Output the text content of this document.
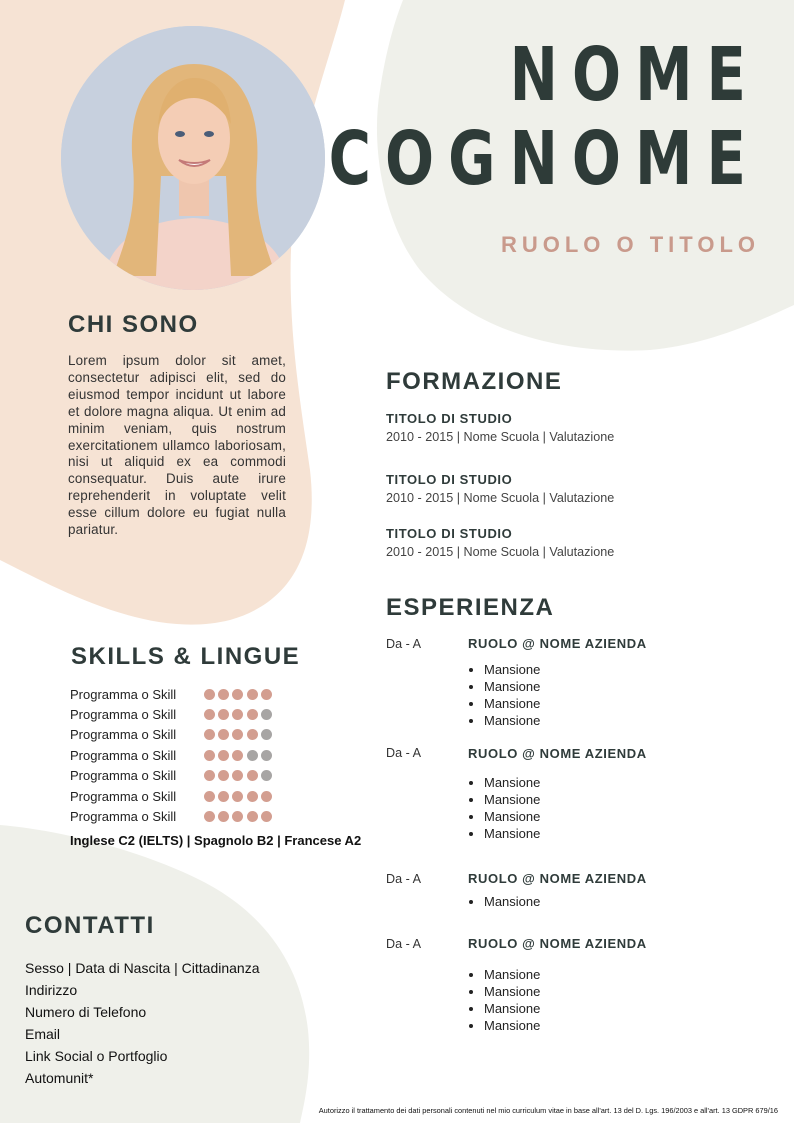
NOME
COGNOME
RUOLO O TITOLO
CHI SONO
Lorem ipsum dolor sit amet, consectetur adipisci elit, sed do eiusmod tempor incidunt ut labore et dolore magna aliqua. Ut enim ad minim veniam, quis nostrum exercitationem ullamco laboriosam, nisi ut aliquid ex ea commodi consequatur. Duis aute irure reprehenderit in voluptate velit esse cillum dolore eu fugiat nulla pariatur.
FORMAZIONE
TITOLO DI STUDIO
2010 - 2015 | Nome Scuola | Valutazione
TITOLO DI STUDIO
2010 - 2015 | Nome Scuola | Valutazione
TITOLO DI STUDIO
2010 - 2015 | Nome Scuola | Valutazione
ESPERIENZA
Da - A	RUOLO @ NOME AZIENDA
• Mansione
• Mansione
• Mansione
• Mansione
Da - A	RUOLO @ NOME AZIENDA
• Mansione
• Mansione
• Mansione
• Mansione
Da - A	RUOLO @ NOME AZIENDA
• Mansione
Da - A	RUOLO @ NOME AZIENDA
• Mansione
• Mansione
• Mansione
• Mansione
SKILLS & LINGUE
Programma o Skill
Programma o Skill
Programma o Skill
Programma o Skill
Programma o Skill
Programma o Skill
Programma o Skill
Inglese C2 (IELTS) | Spagnolo B2 | Francese A2
CONTATTI
Sesso | Data di Nascita | Cittadinanza
Indirizzo
Numero di Telefono
Email
Link Social o Portfoglio
Automunit*
Autorizzo il trattamento dei dati personali contenuti nel mio curriculum vitae in base all'art. 13 del D. Lgs. 196/2003 e all'art. 13 GDPR 679/16
